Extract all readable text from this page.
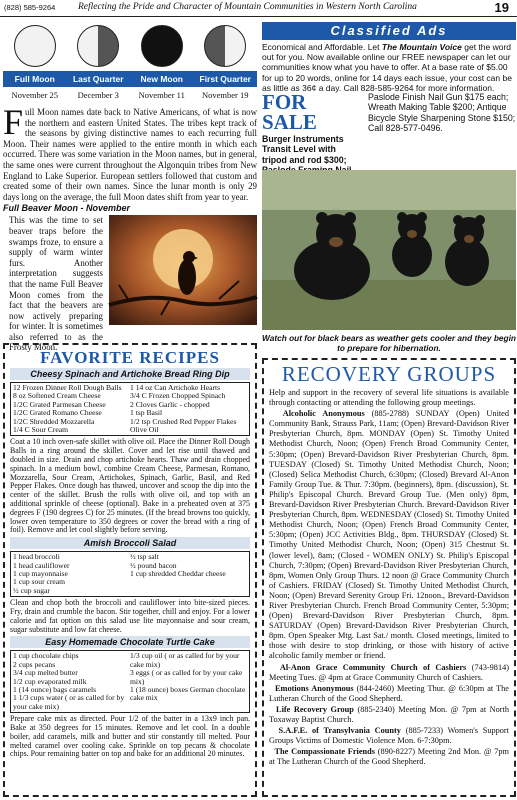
(828) 585-9264 Reflecting the Pride and Character of Mountain Communities in Western North Carolina	19
Full Moon	Last Quarter	New Moon	First Quarter
November 25	December 3	November 11	November 19
F ull Moon names date back to Native Americans, of what is now the northern and eastern United States. The tribes kept track of the seasons by giving distinctive names to each recurring full Moon. Their names were applied to the entire month in which each occurred. There was some variation in the Moon names, but in general, the same ones were current throughout the Algonquin tribes from New England to Lake Superior. European settlers followed that custom and created some of their own names. Since the lunar month is only 29 days long on the average, the full Moon dates shift from year to year.
Full Beaver Moon - November
This was the time to set beaver traps before the swamps froze, to ensure a supply of warm winter furs. Another interpretation suggests that the name Full Beaver Moon comes from the fact that the beavers are now actively preparing for winter. It is sometimes also referred to as the Frosty Moon.
Classified Ads
Economical and Affordable. Let The Mountain Voice get the word out for you. Now available online our FREE newspaper can let our communities know what you have to offer. At a base rate of $5.00 for up to 20 words, online for 14 days each issue, your cost can be as little as 36¢ a day. Call 828-585-9264 for more information.
FOR SALE
Burger Instruments Transit Level with tripod and rod $300;
Paslode Finish Nail Gun $175 each; Wreath Making Table $200; Antique Bicycle Style Sharpening Stone $150; Call 828-577-0496.
Watch out for black bears as weather gets cooler and they begin to prepare for hibernation.
FAVORITE RECIPES
Cheesy Spinach and Artichoke Bread Ring Dip
12 Frozen Dinner Roll Dough Balls
8 oz Softened Cream Cheese
1/2C Grated Parmesan Cheese
1/2C Grated Romano Cheese
1/2C Shredded Mozzarella
1/4 C Sour Cream
1 14 oz Can Artichoke Hearts
3/4 C Frozen Chopped Spinach
2 Cloves Garlic - chopped
1 tsp Basil
1/2 tsp Crushed Red Pepper Flakes
Olive Oil
Coat a 10 inch oven-safe skillet with olive oil. Place the Dinner Roll Dough Balls in a ring around the skillet. Cover and let rise until thawed and doubled in size. Drain and chop artichoke hearts. Thaw and drain chopped spinach. In a medium bowl, combine Cream Cheese, Parmesan, Romano, Mozzarella, Sour Cream, Artichokes, Spinach, Garlic, Basil, and Red Pepper Flakes. Once dough has thawed, uncover and scoop the dip into the center of the skillet. Brush the rolls with olive oil, and top with an additional sprinkle of cheese (optional). Bake in a preheated oven at 375 degrees F (190 degrees C) for 25 minutes. (If the bread browns too quickly, lower oven temperature to 350 degrees or cover the bread with a ring of foil). Remove and let cool slightly before serving.
Amish Broccoli Salad
1 head broccoli
1 head cauliflower
1 cup mayonnaise
1 cup sour cream
½ cup sugar
½ tsp salt
½ pound bacon
1 cup shredded Cheddar cheese
Clean and chop both the broccoli and cauliflower into bite-sized pieces. Fry, drain and crumble the bacon. Stir together, chill and enjoy. For a lower calorie and fat option on this salad use lite mayonnaise and sour cream, sugar substitute and low fat cheese.
Easy Homemade Chocolate Turtle Cake
1 cup chocolate chips
2 cups pecans
3/4 cup melted butter
1/2 cup evaporated milk
1 (14 ounce) bags caramels
1 1/3 cups water ( or as called for by your cake mix)
1/3 cup oil ( or as called for by your cake mix)
3 eggs ( or as called for by your cake mix)
1 (18 ounce) boxes German chocolate cake mix
Prepare cake mix as directed. Pour 1/2 of the batter in a 13x9 inch pan. Bake at 350 degrees for 15 minutes. Remove and let cool. In a double boiler, add caramels, milk and butter and stir constantly till melted. Pour melted caramel over cooling cake. Sprinkle on top pecans & chocolate chips. Pour remaining batter on top and bake for an additional 20 minutes.
RECOVERY GROUPS

Help and support in the recovery of several life situations is available through contacting or attending the following group meetings.

Alcoholic Anonymous (885-2788) SUNDAY (Open) United Community Bank, Strauss Park, 11am; (Open) Brevard-Davidson River Presbyterian Church, 8pm. MONDAY (Open) St. Timothy United Methodist Church, Noon; (Open) French Broad Community Center, 5:30pm; (Open) Brevard-Davidson River Presbyterian Church, 8pm. TUESDAY (Closed) St. Timothy United Methodist Church, Noon; (Closed) Selica Methodist Church, 6:30pm; (Closed) Brevard Al-Anon Family Group Tue. & Thur. 7:30pm. (beginners), 8pm. (discussion), St. Philip's Episcopal Church. Brevard Group Tue. (Men only) 8pm, Brevard-Davidson River Presbyterian Church. Brevard-Davidson River Presbyterian Church, 8pm. WEDNESDAY (Closed) St. Timothy United Methodist Church, Noon; (Open) French Broad Community Center, 5:30pm; (Open) JCC Activities Bldg., 8pm. THURSDAY (Closed) St. Timothy United Methodist Church, Noon; (Open) 315 Chestnut St. (lower level), 8am; (Closed - WOMEN ONLY) St. Philip's Episcopal Church, 7:30pm; (Open) Brevard-Davidson River Presbyterian Church, 8pm, Women Only Group Thurs. 12 noon @ Grace Community Church of Cashiers. FRIDAY (Closed) St. Timothy United Methodist Church, Noon; (Open) Brevard Serenity Group Fri. 12noon., Brevard-Davidson River Presbyterian Church. French Broad Community Center, 5:30pm; (Open) Brevard-Davidson River Presbyterian Church, 8pm. SATURDAY (Open) Brevard-Davidson River Presbyterian Church, 8pm. Open Speaker Mtg. Last Sat./ month. Closed meetings, limited to those with desire to stop drinking, or those with history of active alcoholic family member or friend.

Al-Anon Grace Community Church of Cashiers (743-9814) Meeting Tues. @ 4pm at Grace Community Church of Cashiers.

Emotions Anonymous (844-2460) Meeting Thur. @ 6:30pm at The Lutheran Church of the Good Shepherd.

Life Recovery Group (885-2340) Meeting Mon. @ 7pm at North Toxaway Baptist Church.

S.A.F.E. of Transylvania County (885-7233) Women's Support Groups Victims of Domestic Violence Mon. 6-7:30pm.

The Compassionate Friends (890-8227) Meeting 2nd Mon. @ 7pm at The Lutheran Church of the Good Shepherd.
